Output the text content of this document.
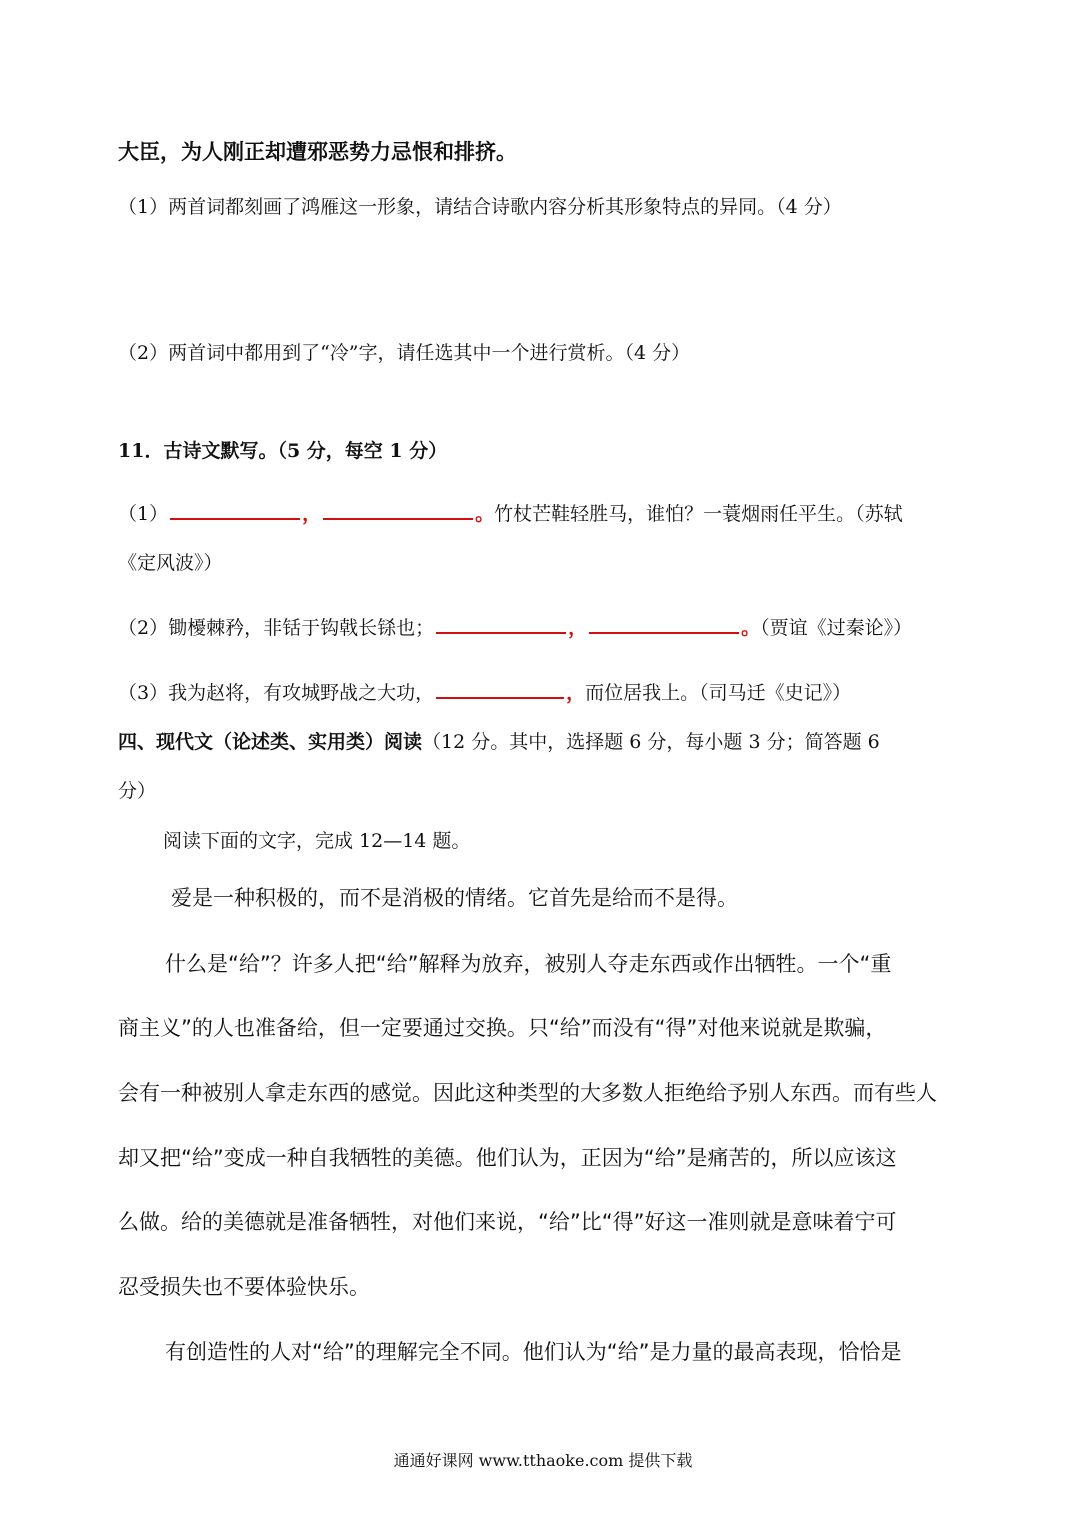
大臣，为人刚正却遭邪恶势力忌恨和排挤。
（1）两首词都刻画了鸿雁这一形象，请结合诗歌内容分析其形象特点的异同。（4 分）
（2）两首词中都用到了“冷”字，请任选其中一个进行赏析。（4 分）
11．古诗文默写。（5 分，每空 1 分）
（1）	，	。竹杖芒鞋轻胜马，谁怕？一蓑烟雨任平生。（苏轼
《定风波》）
（2）锄櫌棘矜，非铦于钩戟长铩也；	，	。（贾谊《过秦论》）
（3）我为赵将，有攻城野战之大功，	，而位居我上。（司马迁《史记》）
四、现代文（论述类、实用类）阅读（12 分。其中，选择题 6 分，每小题 3 分；简答题 6
分）
阅读下面的文字，完成 12—14 题。
爱是一种积极的，而不是消极的情绪。它首先是给而不是得。
什么是“给”？许多人把“给”解释为放弃，被别人夺走东西或作出牺牲。一个“重
商主义”的人也准备给，但一定要通过交换。只“给”而没有“得”对他来说就是欺骗，
会有一种被别人拿走东西的感觉。因此这种类型的大多数人拒绝给予别人东西。而有些人
却又把“给”变成一种自我牺牲的美德。他们认为，正因为“给”是痛苦的，所以应该这
么做。给的美德就是准备牺牲，对他们来说，“给”比“得”好这一准则就是意味着宁可
忍受损失也不要体验快乐。
有创造性的人对“给”的理解完全不同。他们认为“给”是力量的最高表现，恰恰是
通通好课网 www.tthaoke.com 提供下载
